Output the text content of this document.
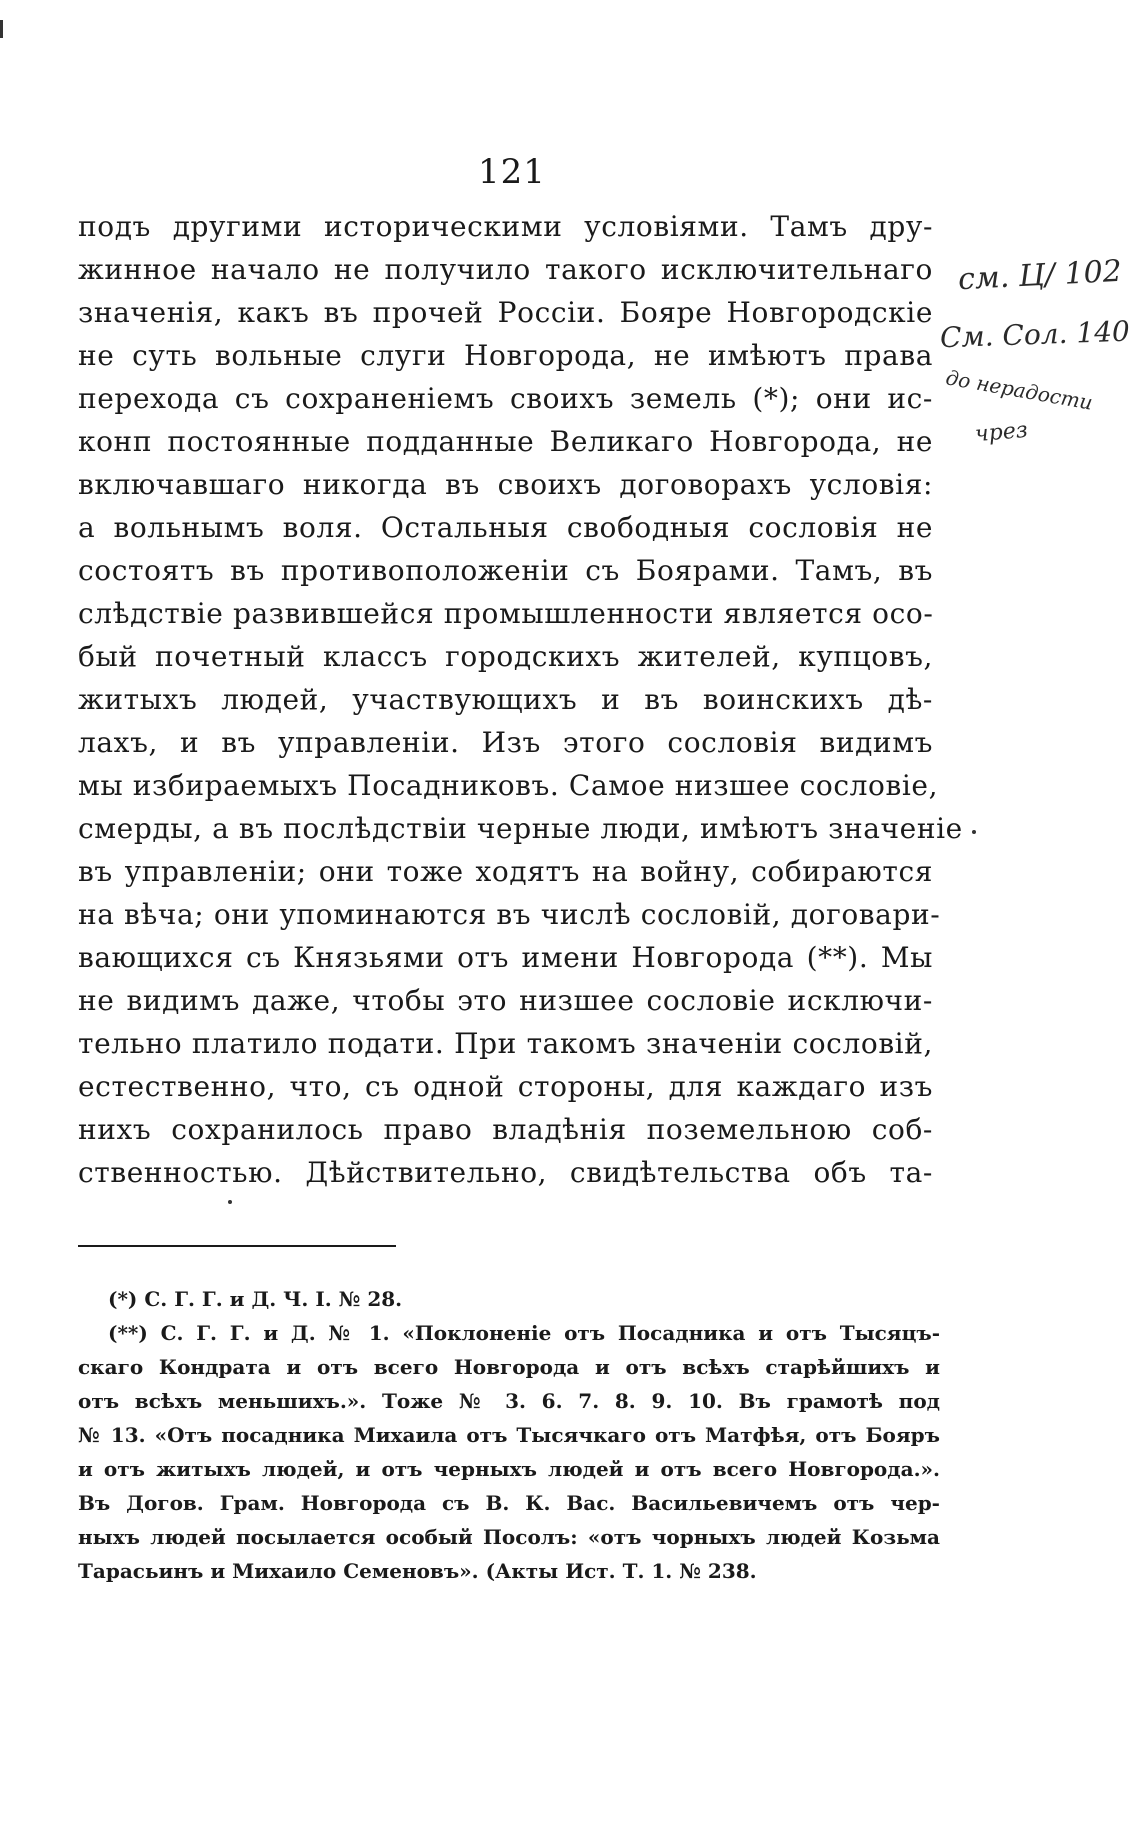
121
подъ другими историческими условіями. Тамъ дру-
жинное начало не получило такого исключительнаго
значенія, какъ въ прочей Россіи. Бояре Новгородскіе
не суть вольные слуги Новгорода, не имѣютъ права
перехода съ сохраненіемъ своихъ земель (*); они ис-
конп постоянные подданные Великаго Новгорода, не
включавшаго никогда въ своихъ договорахъ условія:
а вольнымъ воля. Остальныя свободныя сословія не
состоятъ въ противоположеніи съ Боярами. Тамъ, въ
слѣдствіе развившейся промышленности является осо-
бый почетный классъ городскихъ жителей, купцовъ,
житыхъ людей, участвующихъ и въ воинскихъ дѣ-
лахъ, и въ управленіи. Изъ этого сословія видимъ
мы избираемыхъ Посадниковъ. Самое низшее сословіе,
смерды, а въ послѣдствіи черные люди, имѣютъ значеніе
въ управленіи; они тоже ходятъ на войну, собираются
на вѣча; они упоминаются въ числѣ сословій, договари-
вающихся съ Князьями отъ имени Новгорода (**). Мы
не видимъ даже, чтобы это низшее сословіе исключи-
тельно платило подати. При такомъ значеніи сословій,
естественно, что, съ одной стороны, для каждаго изъ
нихъ сохранилось право владѣнія поземельною соб-
ственностью. Дѣйствительно, свидѣтельства объ та-
(*) С. Г. Г. и Д. Ч. I. № 28.
(**) С. Г. Г. и Д. № 1. «Поклоненіе отъ Посадника и отъ Тысяцъ-
скаго Кондрата и отъ всего Новгорода и отъ всѣхъ старѣйшихъ и
отъ всѣхъ меньшихъ.». Тоже № 3. 6. 7. 8. 9. 10. Въ грамотѣ под
№ 13. «Отъ посадника Михаила отъ Тысячкаго отъ Матфѣя, отъ Бояръ
и отъ житыхъ людей, и отъ черныхъ людей и отъ всего Новгорода.».
Въ Догов. Грам. Новгорода съ В. К. Вас. Васильевичемъ отъ чер-
ныхъ людей посылается особый Посолъ: «отъ чорныхъ людей Козьма
Тарасьинъ и Михаило Семеновъ». (Акты Ист. Т. 1. № 238.
см. Ц/ 102
См. Сол. 140
до нерадости
чрез
